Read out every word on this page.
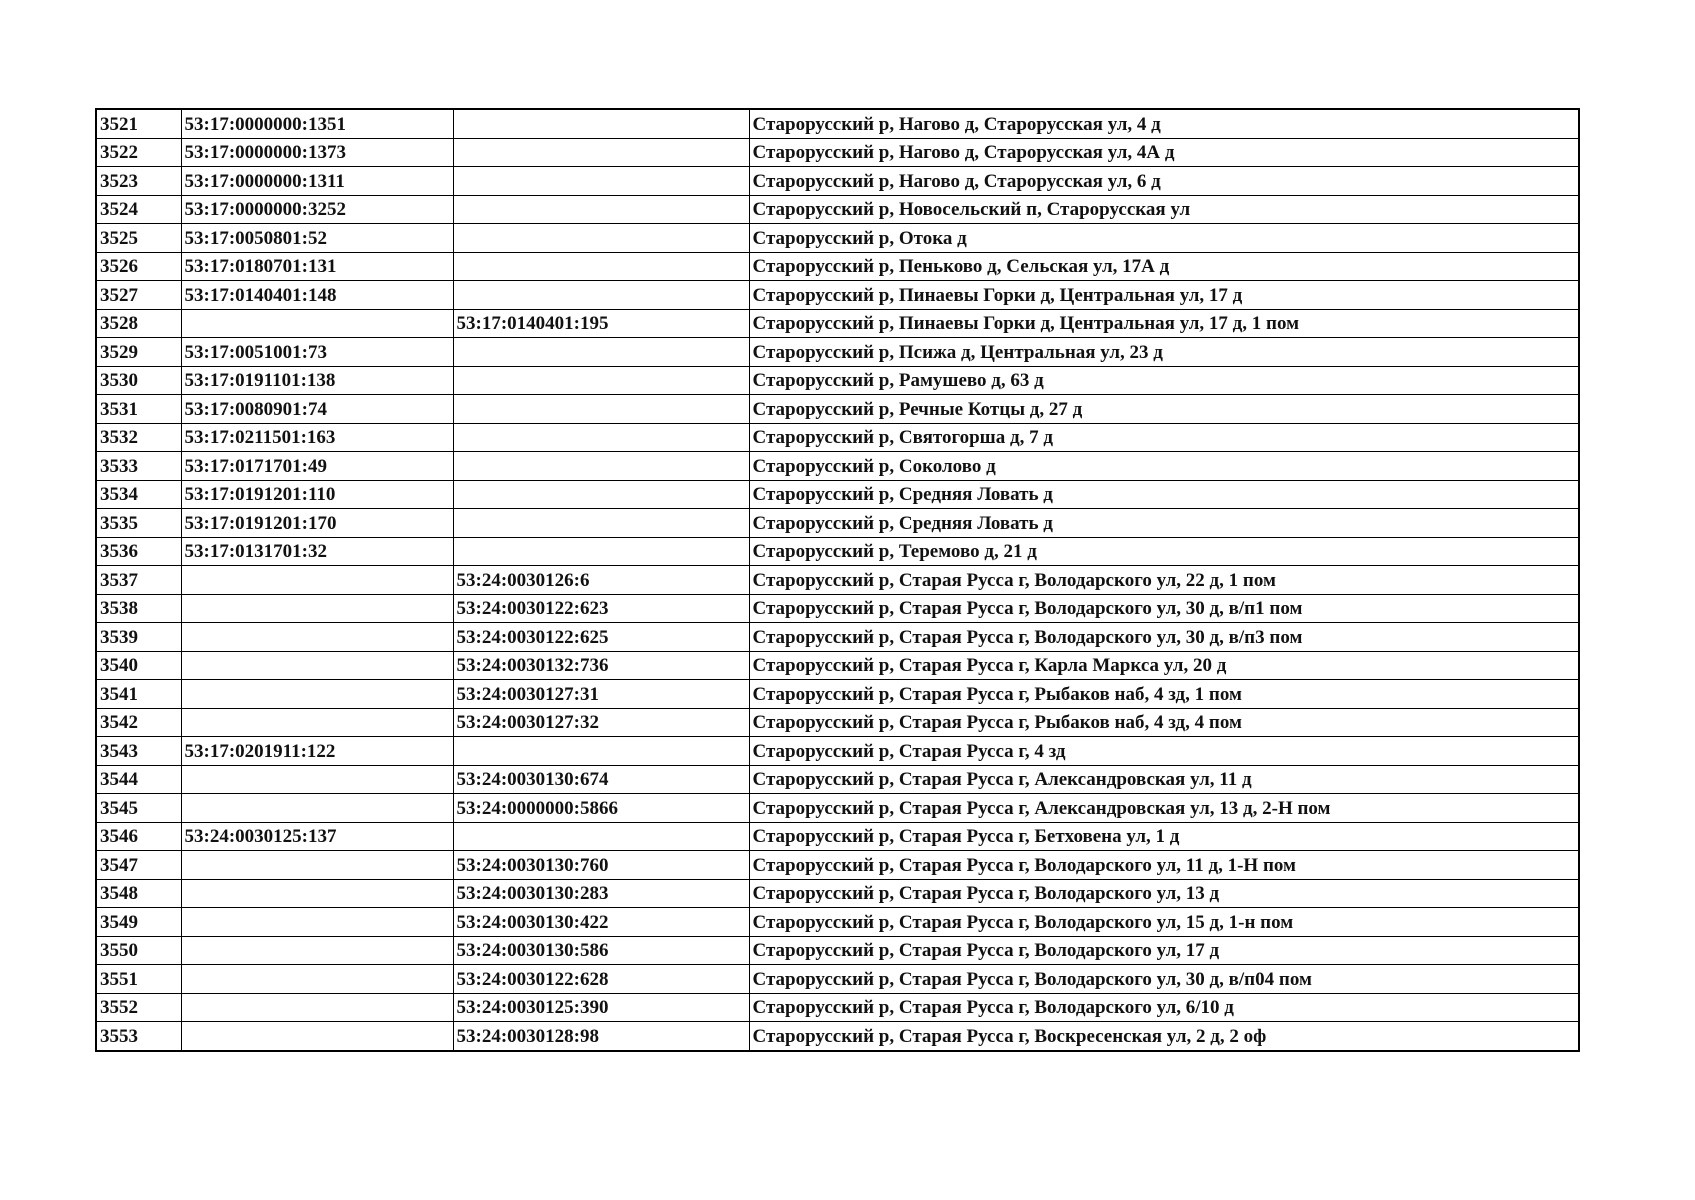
3521	53:17:0000000:1351		Старорусский р, Нагово д, Старорусская ул, 4 д
3522	53:17:0000000:1373		Старорусский р, Нагово д, Старорусская ул, 4А д
3523	53:17:0000000:1311		Старорусский р, Нагово д, Старорусская ул, 6 д
3524	53:17:0000000:3252		Старорусский р, Новосельский п, Старорусская ул
3525	53:17:0050801:52		Старорусский р, Отока д
3526	53:17:0180701:131		Старорусский р, Пеньково д, Сельская ул, 17А д
3527	53:17:0140401:148		Старорусский р, Пинаевы Горки д, Центральная ул, 17 д
3528		53:17:0140401:195	Старорусский р, Пинаевы Горки д, Центральная ул, 17 д, 1 пом
3529	53:17:0051001:73		Старорусский р, Псижа д, Центральная ул, 23 д
3530	53:17:0191101:138		Старорусский р, Рамушево д, 63 д
3531	53:17:0080901:74		Старорусский р, Речные Котцы д, 27 д
3532	53:17:0211501:163		Старорусский р, Святогорша д, 7 д
3533	53:17:0171701:49		Старорусский р, Соколово д
3534	53:17:0191201:110		Старорусский р, Средняя Ловать д
3535	53:17:0191201:170		Старорусский р, Средняя Ловать д
3536	53:17:0131701:32		Старорусский р, Теремово д, 21 д
3537		53:24:0030126:6	Старорусский р, Старая Русса г, Володарского ул, 22 д, 1 пом
3538		53:24:0030122:623	Старорусский р, Старая Русса г, Володарского ул, 30 д, в/п1 пом
3539		53:24:0030122:625	Старорусский р, Старая Русса г, Володарского ул, 30 д, в/п3 пом
3540		53:24:0030132:736	Старорусский р, Старая Русса г, Карла Маркса ул, 20 д
3541		53:24:0030127:31	Старорусский р, Старая Русса г, Рыбаков наб, 4 зд, 1 пом
3542		53:24:0030127:32	Старорусский р, Старая Русса г, Рыбаков наб, 4 зд, 4 пом
3543	53:17:0201911:122		Старорусский р, Старая Русса г, 4 зд
3544		53:24:0030130:674	Старорусский р, Старая Русса г, Александровская ул, 11 д
3545		53:24:0000000:5866	Старорусский р, Старая Русса г, Александровская ул, 13 д, 2-Н пом
3546	53:24:0030125:137		Старорусский р, Старая Русса г, Бетховена ул, 1 д
3547		53:24:0030130:760	Старорусский р, Старая Русса г, Володарского ул, 11 д, 1-Н пом
3548		53:24:0030130:283	Старорусский р, Старая Русса г, Володарского ул, 13 д
3549		53:24:0030130:422	Старорусский р, Старая Русса г, Володарского ул, 15 д, 1-н пом
3550		53:24:0030130:586	Старорусский р, Старая Русса г, Володарского ул, 17 д
3551		53:24:0030122:628	Старорусский р, Старая Русса г, Володарского ул, 30 д, в/п04 пом
3552		53:24:0030125:390	Старорусский р, Старая Русса г, Володарского ул, 6/10 д
3553		53:24:0030128:98	Старорусский р, Старая Русса г, Воскресенская ул, 2 д, 2 оф
